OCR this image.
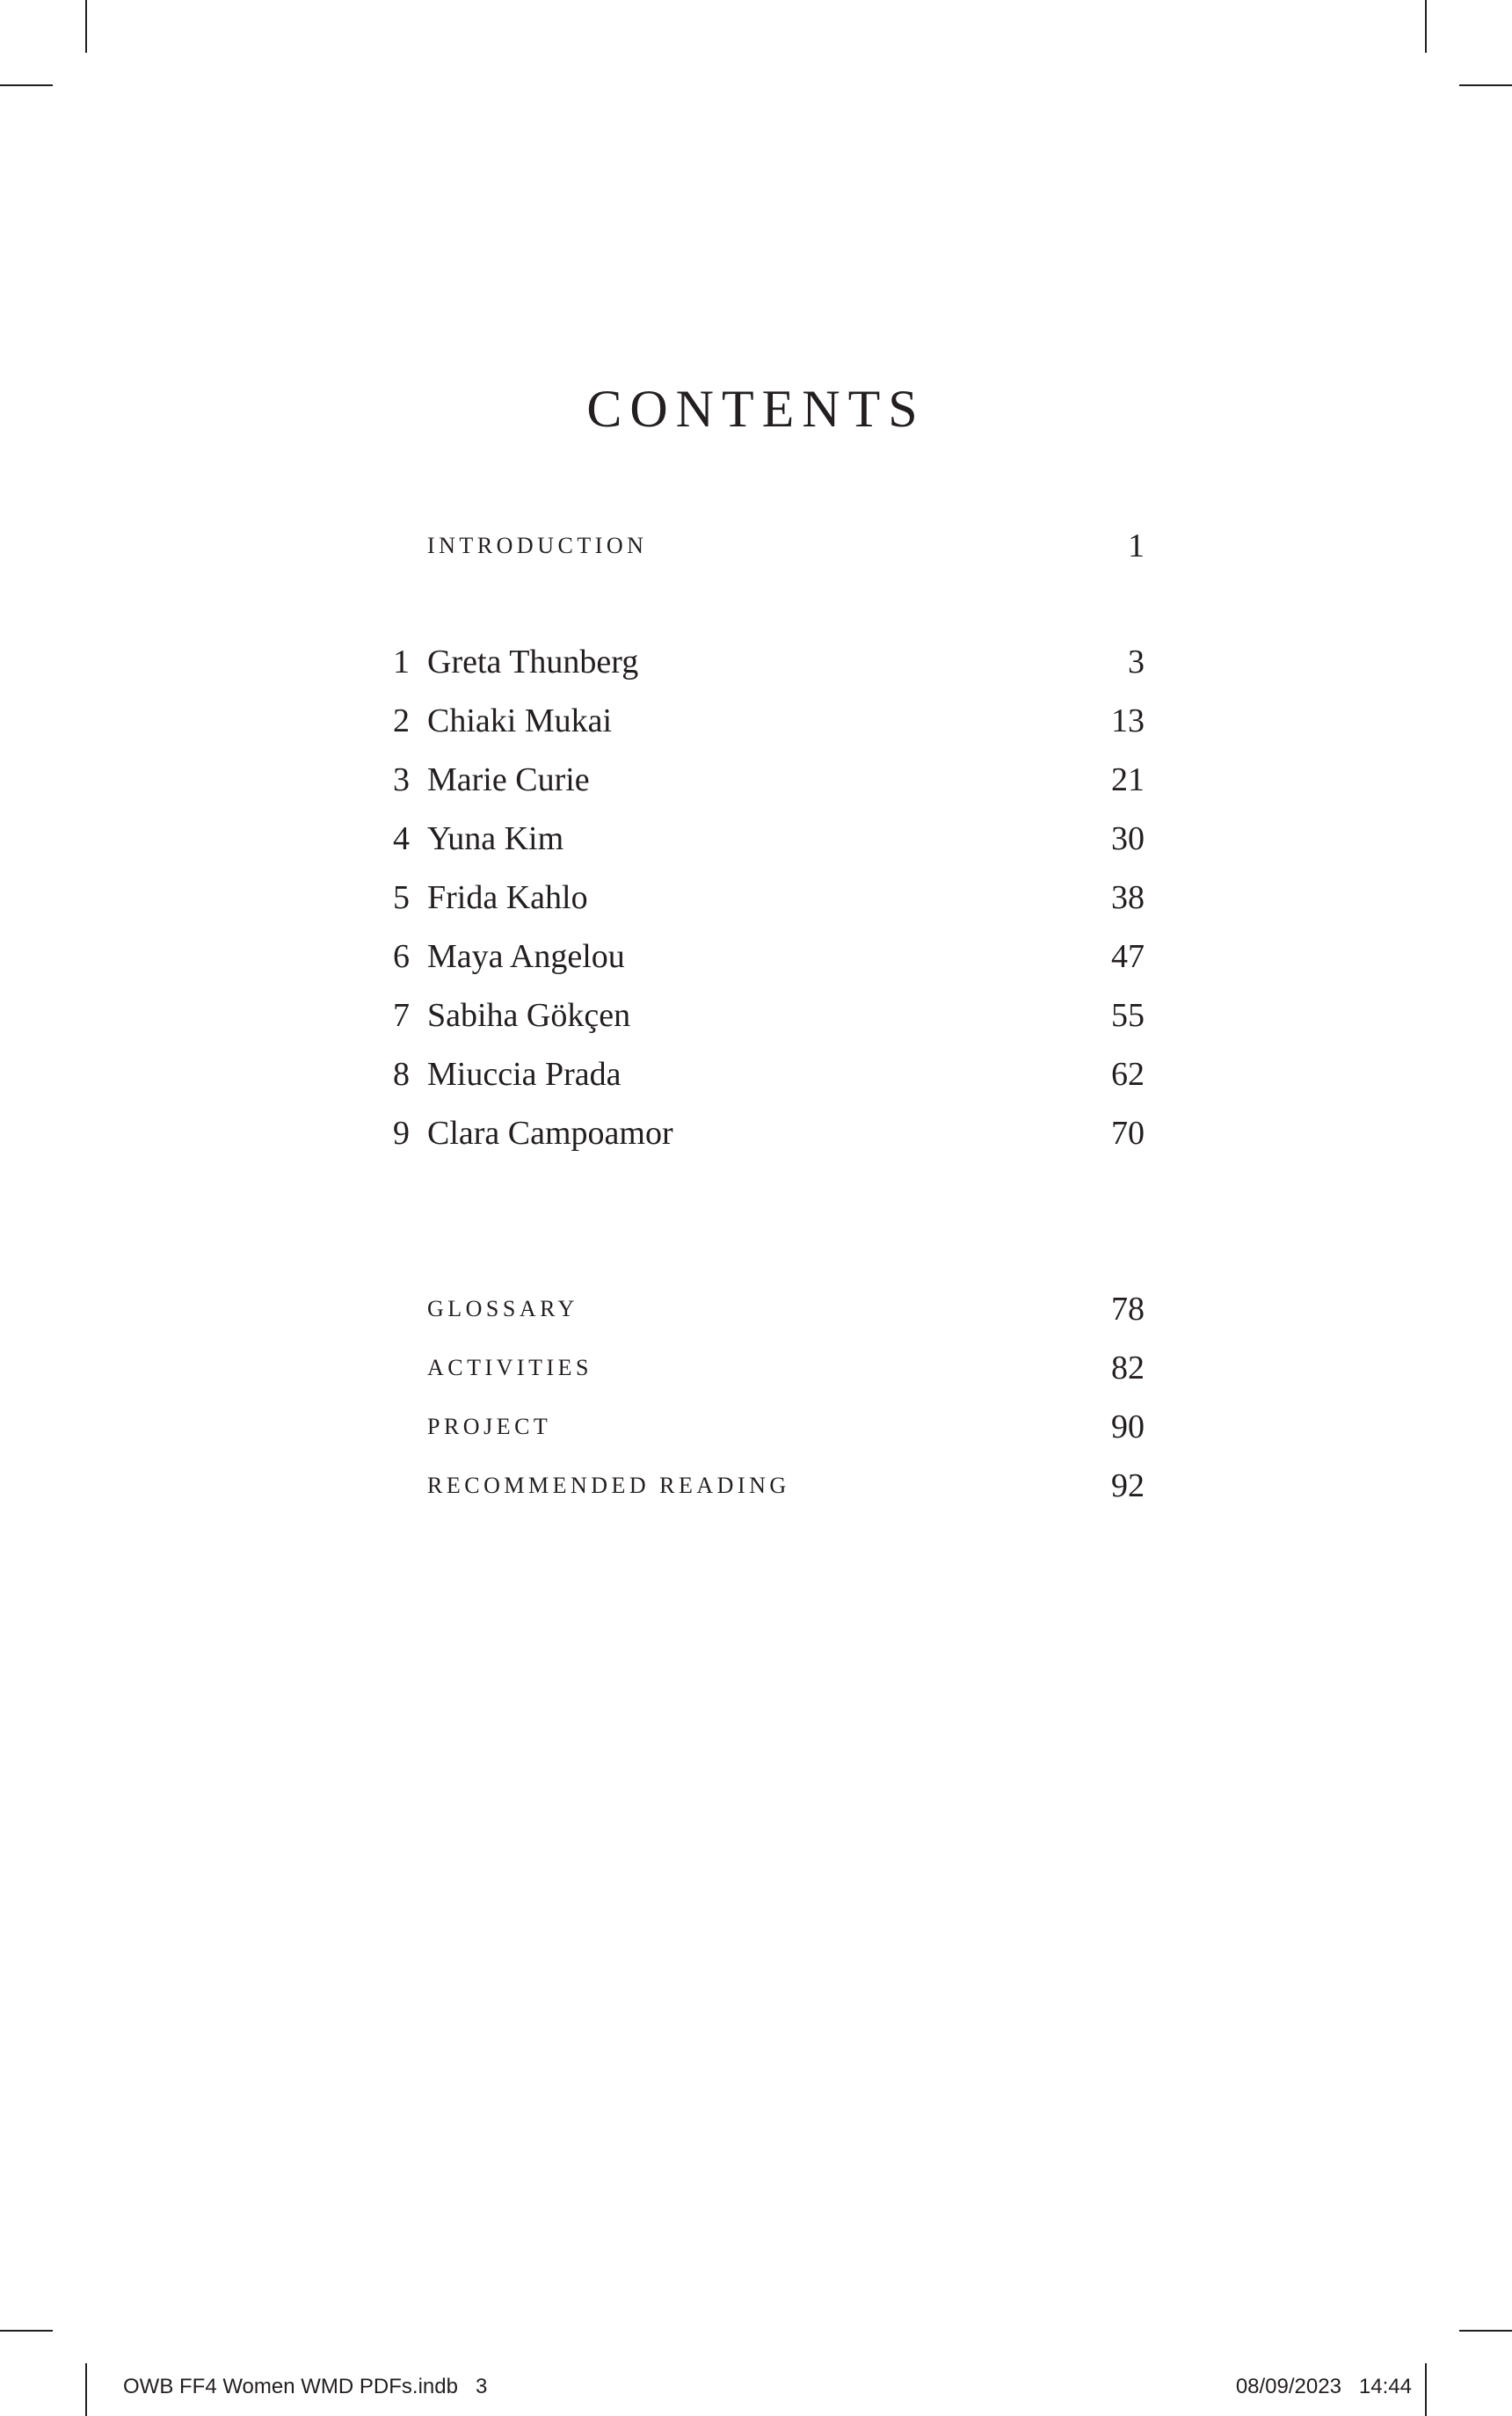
CONTENTS
INTRODUCTION	1
1 Greta Thunberg	3
2 Chiaki Mukai	13
3 Marie Curie	21
4 Yuna Kim	30
5 Frida Kahlo	38
6 Maya Angelou	47
7 Sabiha Gökçen	55
8 Miuccia Prada	62
9 Clara Campoamor	70
GLOSSARY	78
ACTIVITIES	82
PROJECT	90
RECOMMENDED READING	92
OWB FF4 Women WMD PDFs.indb   3	08/09/2023   14:44
